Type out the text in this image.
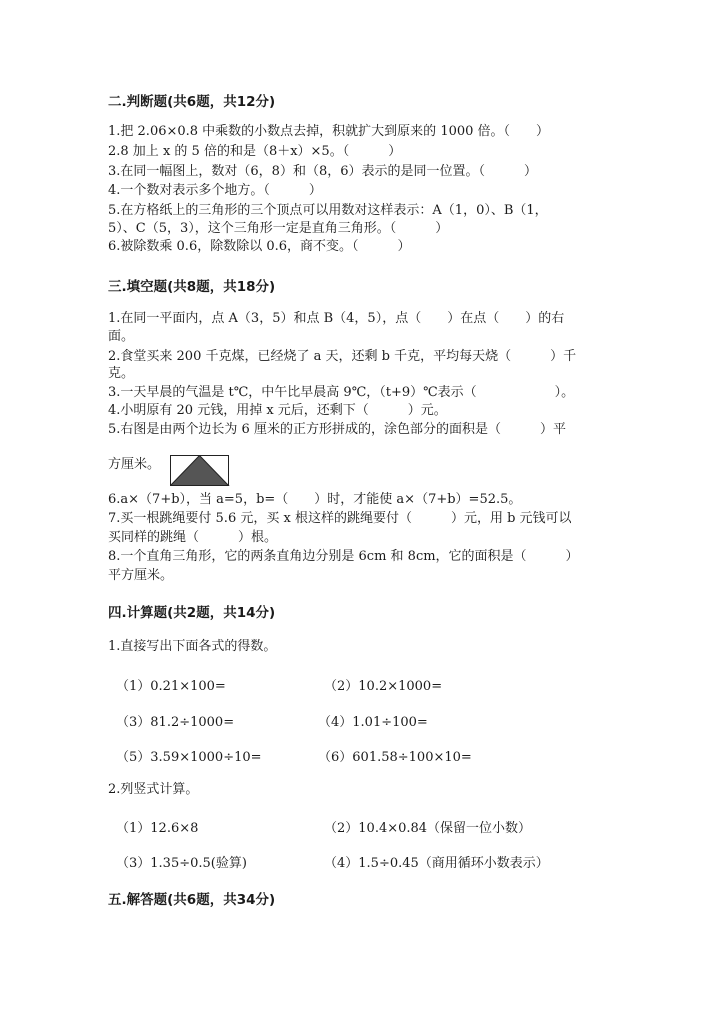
二.判断题(共6题，共12分)
1.把 2.06×0.8 中乘数的小数点去掉，积就扩大到原来的 1000 倍。（　　）
2.8 加上 x 的 5 倍的和是（8＋x）×5。（　　　）
3.在同一幅图上，数对（6，8）和（8，6）表示的是同一位置。（　　　）
4.一个数对表示多个地方。（　　　）
5.在方格纸上的三角形的三个顶点可以用数对这样表示：A（1，0）、B（1，
5）、C（5，3），这个三角形一定是直角三角形。（　　　）
6.被除数乘 0.6，除数除以 0.6，商不变。（　　　）
三.填空题(共8题，共18分)
1.在同一平面内，点 A（3，5）和点 B（4，5），点（　　）在点（　　）的右
面。
2.食堂买来 200 千克煤，已经烧了 a 天，还剩 b 千克，平均每天烧（　　　）千
克。
3.一天早晨的气温是 t℃，中午比早晨高 9℃，（t+9）℃表示（　　　　　　）。
4.小明原有 20 元钱，用掉 x 元后，还剩下（　　　）元。
5.右图是由两个边长为 6 厘米的正方形拼成的，涂色部分的面积是（　　　）平
方厘米。
6.a×（7+b），当 a=5，b=（　　）时，才能使 a×（7+b）=52.5。
7.买一根跳绳要付 5.6 元，买 x 根这样的跳绳要付（　　　）元，用 b 元钱可以
买同样的跳绳（　　　）根。
8.一个直角三角形，它的两条直角边分别是 6cm 和 8cm，它的面积是（　　　）
平方厘米。
四.计算题(共2题，共14分)
1.直接写出下面各式的得数。
（1）0.21×100=	（2）10.2×1000=
（3）81.2÷1000=	（4）1.01÷100=
（5）3.59×1000÷10=	（6）601.58÷100×10=
2.列竖式计算。
（1）12.6×8	（2）10.4×0.84（保留一位小数）
（3）1.35÷0.5(验算)	（4）1.5÷0.45（商用循环小数表示）
五.解答题(共6题，共34分)
